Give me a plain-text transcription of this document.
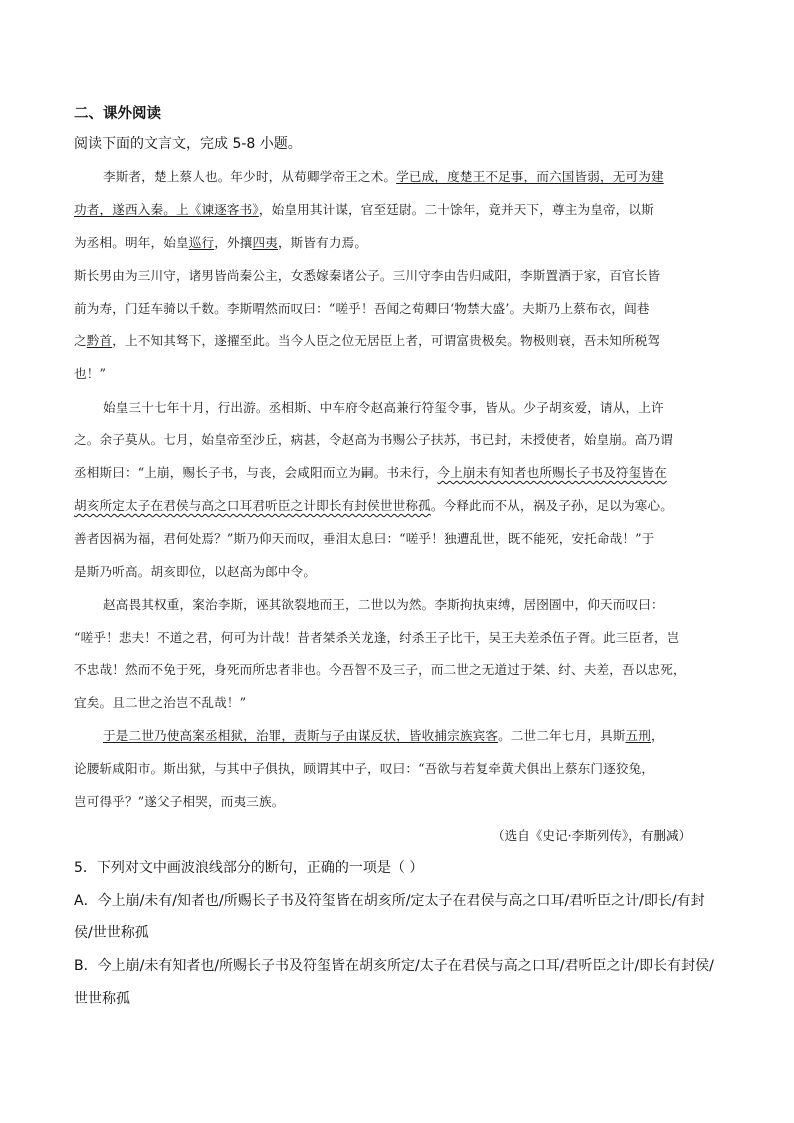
二、课外阅读
阅读下面的文言文，完成 5-8 小题。
李斯者，楚上蔡人也。年少时，从荀卿学帝王之术。学已成，度楚王不足事，而六国皆弱，无可为建
功者，遂西入秦。上《谏逐客书》，始皇用其计谋，官至廷尉。二十馀年，竟并天下，尊主为皇帝，以斯
为丞相。明年，始皇巡行，外攘四夷，斯皆有力焉。
斯长男由为三川守，诸男皆尚秦公主，女悉嫁秦诸公子。三川守李由告归咸阳，李斯置酒于家，百官长皆
前为寿，门廷车骑以千数。李斯喟然而叹曰：“嗟乎！吾闻之荀卿曰‘物禁大盛’。夫斯乃上蔡布衣，闾巷
之黔首，上不知其驽下，遂擢至此。当今人臣之位无居臣上者，可谓富贵极矣。物极则衰，吾未知所税驾
也！”
始皇三十七年十月，行出游。丞相斯、中车府令赵高兼行符玺令事，皆从。少子胡亥爱，请从，上许
之。余子莫从。七月，始皇帝至沙丘，病甚，令赵高为书赐公子扶苏，书已封，未授使者，始皇崩。高乃谓
丞相斯曰：“上崩，赐长子书，与丧，会咸阳而立为嗣。书未行，今上崩未有知者也所赐长子书及符玺皆在
胡亥所定太子在君侯与高之口耳君听臣之计即长有封侯世世称孤。今释此而不从，祸及子孙，足以为寒心。
善者因祸为福，君何处焉？”斯乃仰天而叹，垂泪太息曰：“嗟乎！独遭乱世，既不能死，安托命哉！”于
是斯乃听高。胡亥即位，以赵高为郎中令。
赵高畏其权重，案治李斯，诬其欲裂地而王，二世以为然。李斯拘执束缚，居囹圄中，仰天而叹曰：
“嗟乎！悲夫！不道之君，何可为计哉！昔者桀杀关龙逢，纣杀王子比干，吴王夫差杀伍子胥。此三臣者，岂
不忠哉！然而不免于死，身死而所忠者非也。今吾智不及三子，而二世之无道过于桀、纣、夫差，吾以忠死，
宜矣。且二世之治岂不乱哉！”
于是二世乃使高案丞相狱，治罪，责斯与子由谋反状，皆收捕宗族宾客。二世二年七月，具斯五刑，
论腰斩咸阳市。斯出狱，与其中子俱执，顾谓其中子，叹曰：“吾欲与若复牵黄犬俱出上蔡东门逐狡兔，
岂可得乎？”遂父子相哭，而夷三族。
（选自《史记·李斯列传》，有删减）
5．下列对文中画波浪线部分的断句，正确的一项是（ ）
A．今上崩/未有/知者也/所赐长子书及符玺皆在胡亥所/定太子在君侯与高之口耳/君听臣之计/即长/有封
侯/世世称孤
B．今上崩/未有知者也/所赐长子书及符玺皆在胡亥所定/太子在君侯与高之口耳/君听臣之计/即长有封侯/
世世称孤
